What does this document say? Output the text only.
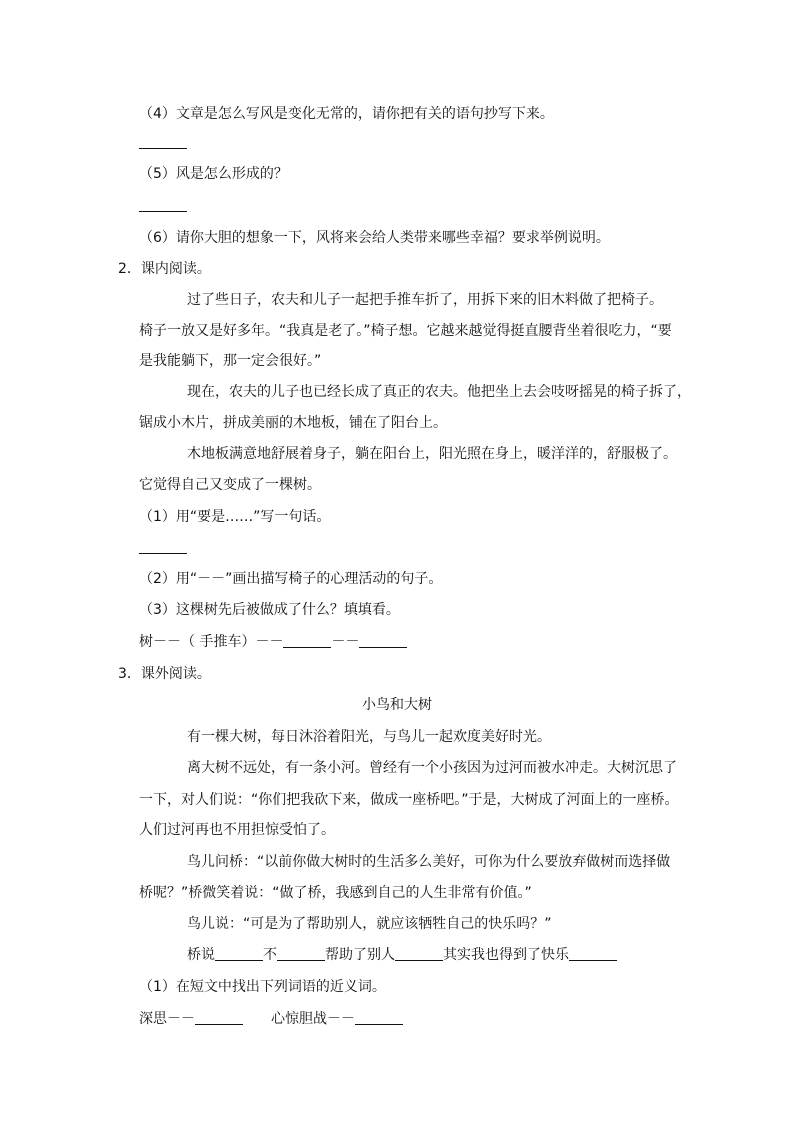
（4）文章是怎么写风是变化无常的，请你把有关的语句抄写下来。
（5）风是怎么形成的？
（6）请你大胆的想象一下，风将来会给人类带来哪些幸福？要求举例说明。
2．课内阅读。
过了些日子，农夫和儿子一起把手推车折了，用拆下来的旧木料做了把椅子。
椅子一放又是好多年。“我真是老了。”椅子想。它越来越觉得挺直腰背坐着很吃力，“要
是我能躺下，那一定会很好。”
现在，农夫的儿子也已经长成了真正的农夫。他把坐上去会吱呀摇晃的椅子拆了，
锯成小木片，拼成美丽的木地板，铺在了阳台上。
木地板满意地舒展着身子，躺在阳台上，阳光照在身上，暖洋洋的，舒服极了。
它觉得自己又变成了一棵树。
（1）用“要是……”写一句话。
（2）用“－－”画出描写椅子的心理活动的句子。
（3）这棵树先后被做成了什么？填填看。
树－－（ 手推车）－－	－－
3．课外阅读。
小鸟和大树
有一棵大树，每日沐浴着阳光，与鸟儿一起欢度美好时光。
离大树不远处，有一条小河。曾经有一个小孩因为过河而被水冲走。大树沉思了
一下，对人们说：“你们把我砍下来，做成一座桥吧。”于是，大树成了河面上的一座桥。
人们过河再也不用担惊受怕了。
鸟儿问桥：“以前你做大树时的生活多么美好，可你为什么要放弃做树而选择做
桥呢？”桥微笑着说：“做了桥，我感到自己的人生非常有价值。”
鸟儿说：“可是为了帮助别人，就应该牺牲自己的快乐吗？”
桥说	不	帮助了别人	其实我也得到了快乐
（1）在短文中找出下列词语的近义词。
深思－－	心惊胆战－－
